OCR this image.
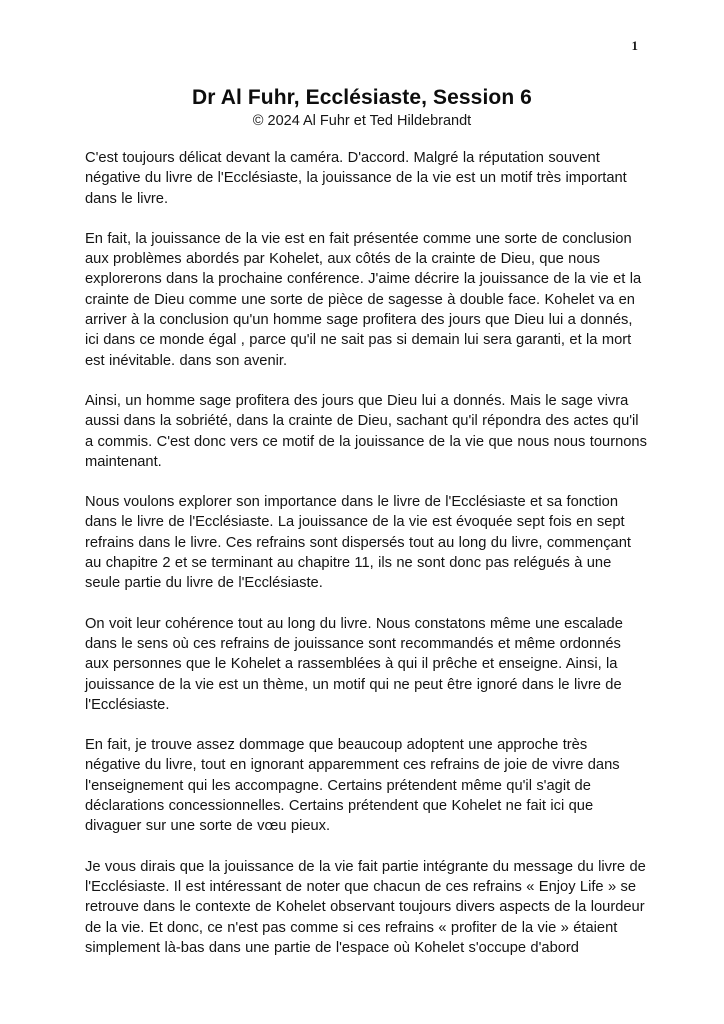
1
Dr Al Fuhr, Ecclésiaste, Session 6
© 2024 Al Fuhr et Ted Hildebrandt

C'est toujours délicat devant la caméra. D'accord. Malgré la réputation souvent négative du livre de l'Ecclésiaste, la jouissance de la vie est un motif très important dans le livre.

En fait, la jouissance de la vie est en fait présentée comme une sorte de conclusion aux problèmes abordés par Kohelet, aux côtés de la crainte de Dieu, que nous explorerons dans la prochaine conférence. J'aime décrire la jouissance de la vie et la crainte de Dieu comme une sorte de pièce de sagesse à double face. Kohelet va en arriver à la conclusion qu'un homme sage profitera des jours que Dieu lui a donnés, ici dans ce monde égal , parce qu'il ne sait pas si demain lui sera garanti, et la mort est inévitable. dans son avenir.

Ainsi, un homme sage profitera des jours que Dieu lui a donnés. Mais le sage vivra aussi dans la sobriété, dans la crainte de Dieu, sachant qu'il répondra des actes qu'il a commis. C'est donc vers ce motif de la jouissance de la vie que nous nous tournons maintenant.

Nous voulons explorer son importance dans le livre de l'Ecclésiaste et sa fonction dans le livre de l'Ecclésiaste. La jouissance de la vie est évoquée sept fois en sept refrains dans le livre. Ces refrains sont dispersés tout au long du livre, commençant au chapitre 2 et se terminant au chapitre 11, ils ne sont donc pas relégués à une seule partie du livre de l'Ecclésiaste.

On voit leur cohérence tout au long du livre. Nous constatons même une escalade dans le sens où ces refrains de jouissance sont recommandés et même ordonnés aux personnes que le Kohelet a rassemblées à qui il prêche et enseigne. Ainsi, la jouissance de la vie est un thème, un motif qui ne peut être ignoré dans le livre de l'Ecclésiaste.

En fait, je trouve assez dommage que beaucoup adoptent une approche très négative du livre, tout en ignorant apparemment ces refrains de joie de vivre dans l'enseignement qui les accompagne. Certains prétendent même qu'il s'agit de déclarations concessionnelles. Certains prétendent que Kohelet ne fait ici que divaguer sur une sorte de vœu pieux.

Je vous dirais que la jouissance de la vie fait partie intégrante du message du livre de l'Ecclésiaste. Il est intéressant de noter que chacun de ces refrains « Enjoy Life » se retrouve dans le contexte de Kohelet observant toujours divers aspects de la lourdeur de la vie. Et donc, ce n'est pas comme si ces refrains « profiter de la vie » étaient simplement là-bas dans une partie de l'espace où Kohelet s'occupe d'abord
